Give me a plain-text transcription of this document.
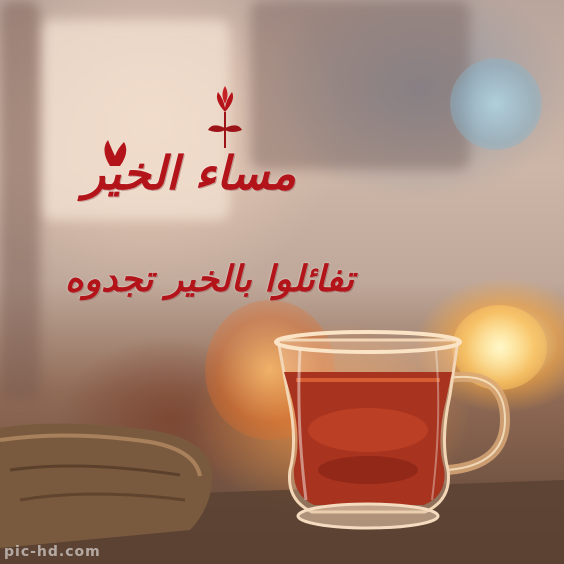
مساء الخير
تفائلوا بالخير تجدوه
pic-hd.com
